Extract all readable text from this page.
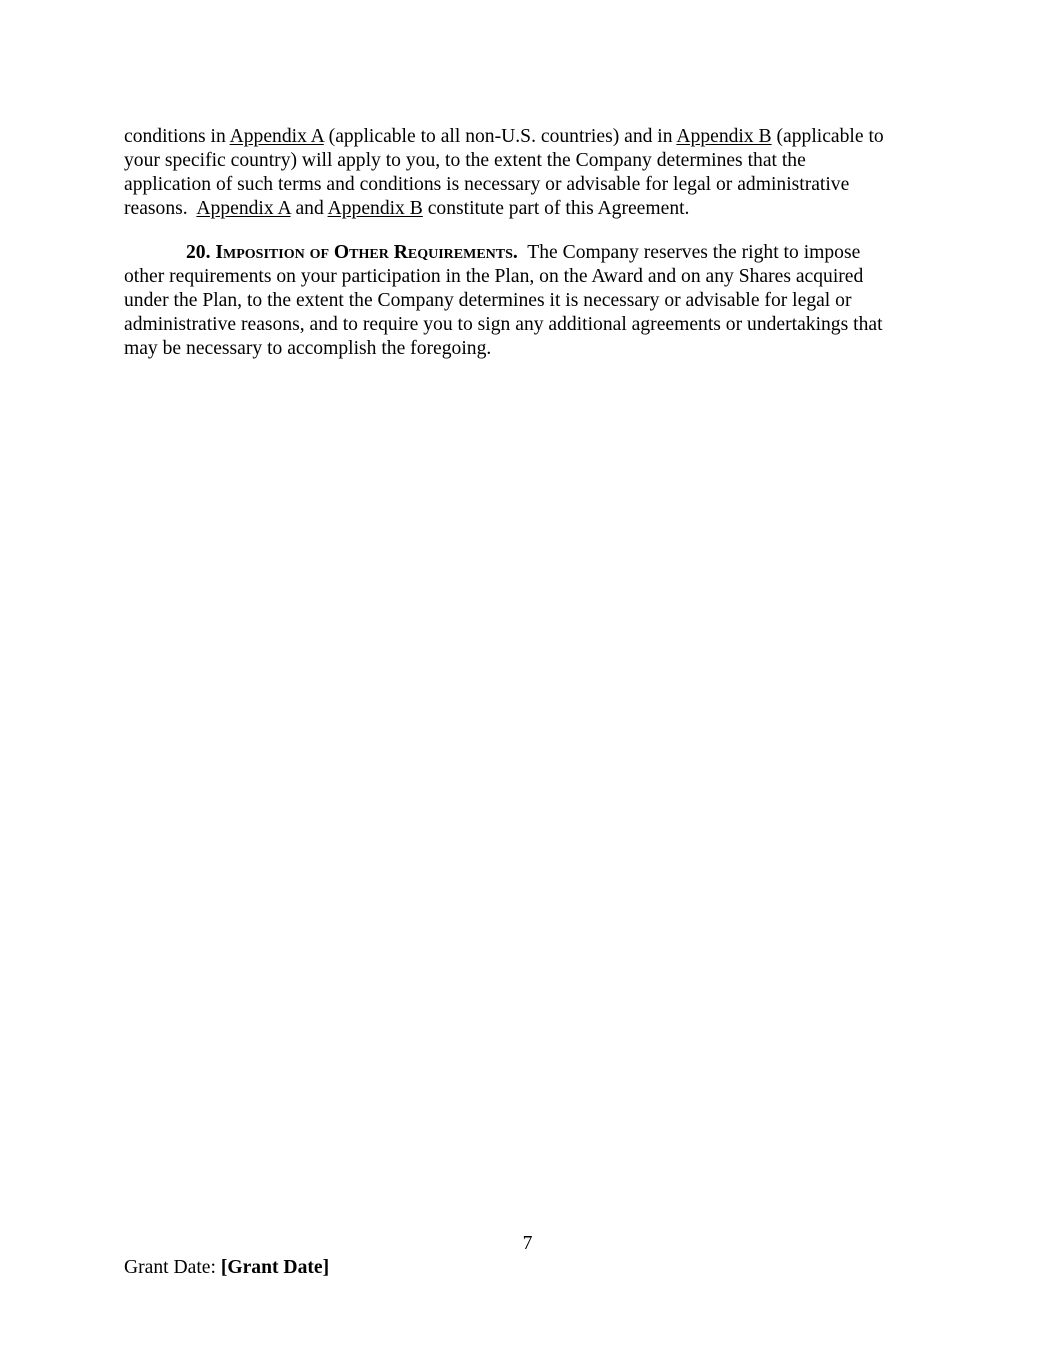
conditions in Appendix A (applicable to all non-U.S. countries) and in Appendix B (applicable to
your specific country) will apply to you, to the extent the Company determines that the
application of such terms and conditions is necessary or advisable for legal or administrative
reasons.  Appendix A and Appendix B constitute part of this Agreement.

20. Imposition of Other Requirements.  The Company reserves the right to impose
other requirements on your participation in the Plan, on the Award and on any Shares acquired
under the Plan, to the extent the Company determines it is necessary or advisable for legal or
administrative reasons, and to require you to sign any additional agreements or undertakings that
may be necessary to accomplish the foregoing.

7
Grant Date: [Grant Date]
